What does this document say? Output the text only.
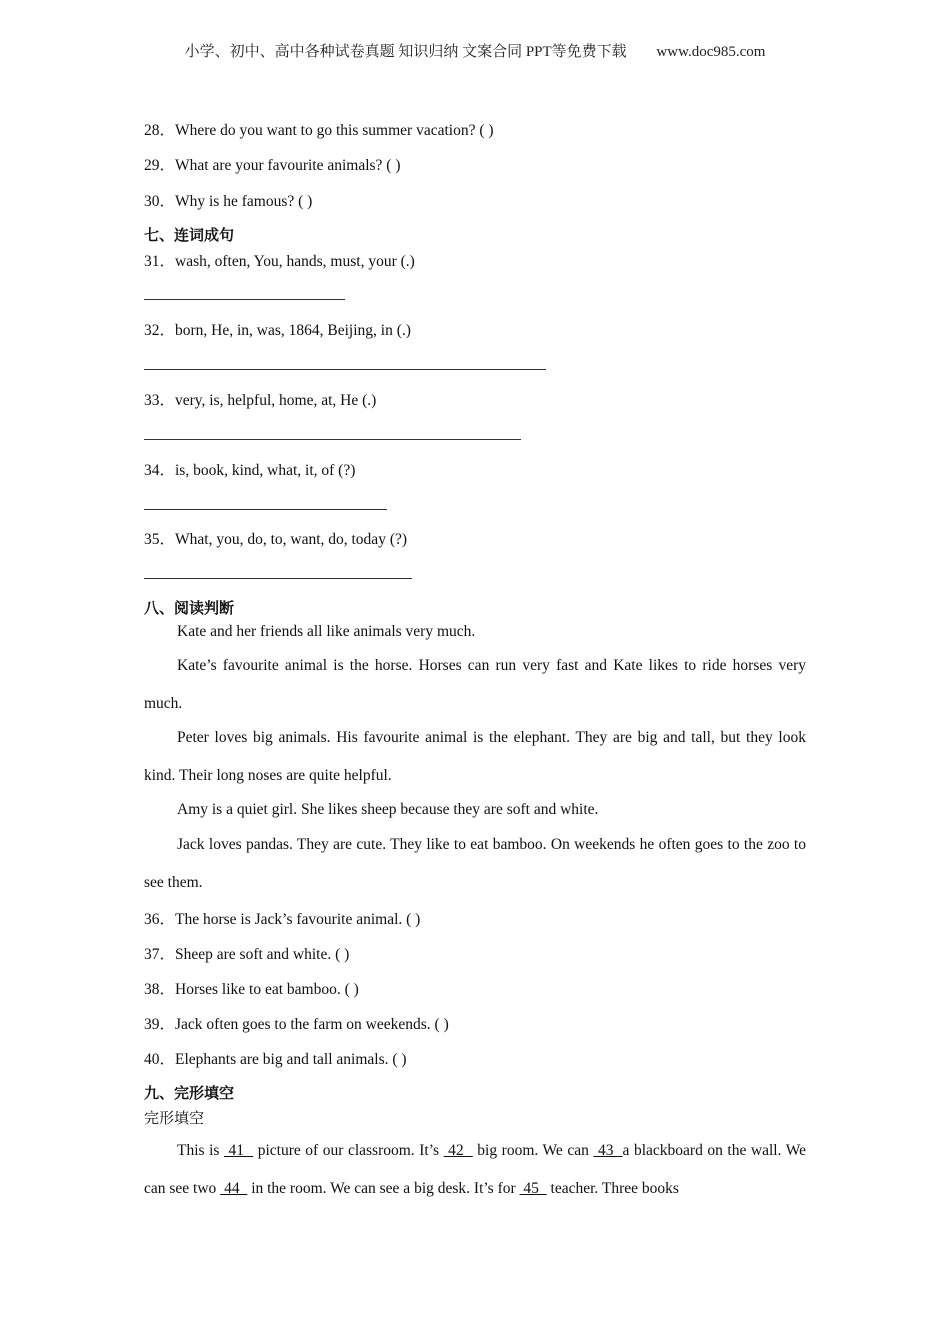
小学、初中、高中各种试卷真题 知识归纳 文案合同 PPT等免费下载 www.doc985.com
28．Where do you want to go this summer vacation? ( )
29．What are your favourite animals? ( )
30．Why is he famous? ( )
七、连词成句
31．wash, often, You, hands, must, your (.)
32．born, He, in, was, 1864, Beijing, in (.)
33．very, is, helpful, home, at, He (.)
34．is, book, kind, what, it, of (?)
35．What, you, do, to, want, do, today (?)
八、阅读判断
Kate and her friends all like animals very much.
Kate’s favourite animal is the horse. Horses can run very fast and Kate likes to ride horses very much.
Peter loves big animals. His favourite animal is the elephant. They are big and tall, but they look kind. Their long noses are quite helpful.
Amy is a quiet girl. She likes sheep because they are soft and white.
Jack loves pandas. They are cute. They like to eat bamboo. On weekends he often goes to the zoo to see them.
36．The horse is Jack’s favourite animal. ( )
37．Sheep are soft and white. ( )
38．Horses like to eat bamboo. ( )
39．Jack often goes to the farm on weekends. ( )
40．Elephants are big and tall animals. ( )
九、完形填空
完形填空
This is  41   picture of our classroom. It’s  42   big room. We can  43  a blackboard on the wall. We can see two  44   in the room. We can see a big desk. It’s for  45   teacher. Three books
